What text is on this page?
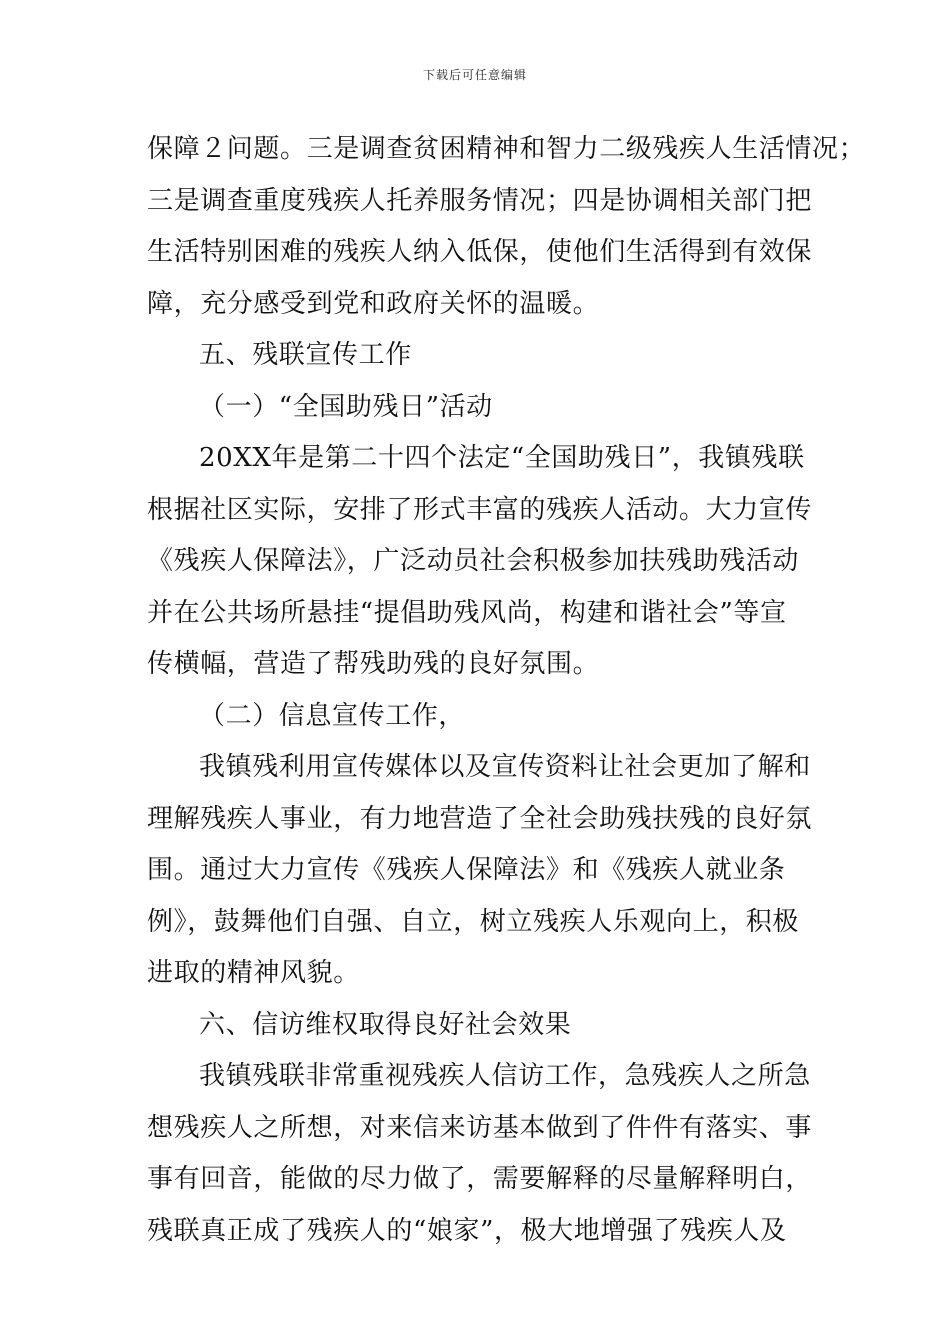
下载后可任意编辑
保障２问题。三是调查贫困精神和智力二级残疾人生活情况；
三是调查重度残疾人托养服务情况；四是协调相关部门把
生活特别困难的残疾人纳入低保，使他们生活得到有效保
障，充分感受到党和政府关怀的温暖。
五、残联宣传工作
（一）“全国助残日”活动
20XX年是第二十四个法定“全国助残日”，我镇残联
根据社区实际，安排了形式丰富的残疾人活动。大力宣传
《残疾人保障法》，广泛动员社会积极参加扶残助残活动
并在公共场所悬挂“提倡助残风尚，构建和谐社会”等宣
传横幅，营造了帮残助残的良好氛围。
（二）信息宣传工作，
我镇残利用宣传媒体以及宣传资料让社会更加了解和
理解残疾人事业，有力地营造了全社会助残扶残的良好氛
围。通过大力宣传《残疾人保障法》和《残疾人就业条
例》，鼓舞他们自强、自立，树立残疾人乐观向上，积极
进取的精神风貌。
六、信访维权取得良好社会效果
我镇残联非常重视残疾人信访工作，急残疾人之所急
想残疾人之所想，对来信来访基本做到了件件有落实、事
事有回音，能做的尽力做了，需要解释的尽量解释明白，
残联真正成了残疾人的“娘家”，极大地增强了残疾人及
